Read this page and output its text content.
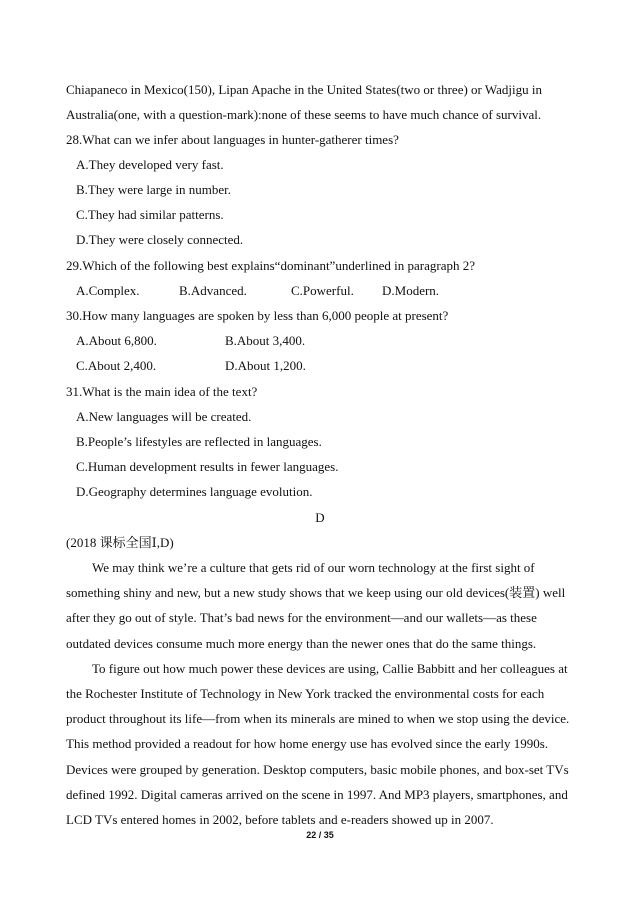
Chiapaneco in Mexico(150), Lipan Apache in the United States(two or three) or Wadjigu in
Australia(one, with a question-mark):none of these seems to have much chance of survival.
28.What can we infer about languages in hunter-gatherer times?
A.They developed very fast.
B.They were large in number.
C.They had similar patterns.
D.They were closely connected.
29.Which of the following best explains“dominant”underlined in paragraph 2?
A.Complex.	B.Advanced.	C.Powerful. D.Modern.
30.How many languages are spoken by less than 6,000 people at present?
A.About 6,800.	B.About 3,400.
C.About 2,400.	D.About 1,200.
31.What is the main idea of the text?
A.New languages will be created.
B.People’s lifestyles are reflected in languages.
C.Human development results in fewer languages.
D.Geography determines language evolution.
D
(2018 课标全国Ⅰ,D)

We may think we’re a culture that gets rid of our worn technology at the first sight of something shiny and new, but a new study shows that we keep using our old devices(装置) well after they go out of style. That’s bad news for the environment—and our wallets—as these outdated devices consume much more energy than the newer ones that do the same things.

To figure out how much power these devices are using, Callie Babbitt and her colleagues at the Rochester Institute of Technology in New York tracked the environmental costs for each product throughout its life—from when its minerals are mined to when we stop using the device. This method provided a readout for how home energy use has evolved since the early 1990s. Devices were grouped by generation. Desktop computers, basic mobile phones, and box-set TVs defined 1992. Digital cameras arrived on the scene in 1997. And MP3 players, smartphones, and LCD TVs entered homes in 2002, before tablets and e-readers showed up in 2007.

22 / 35
